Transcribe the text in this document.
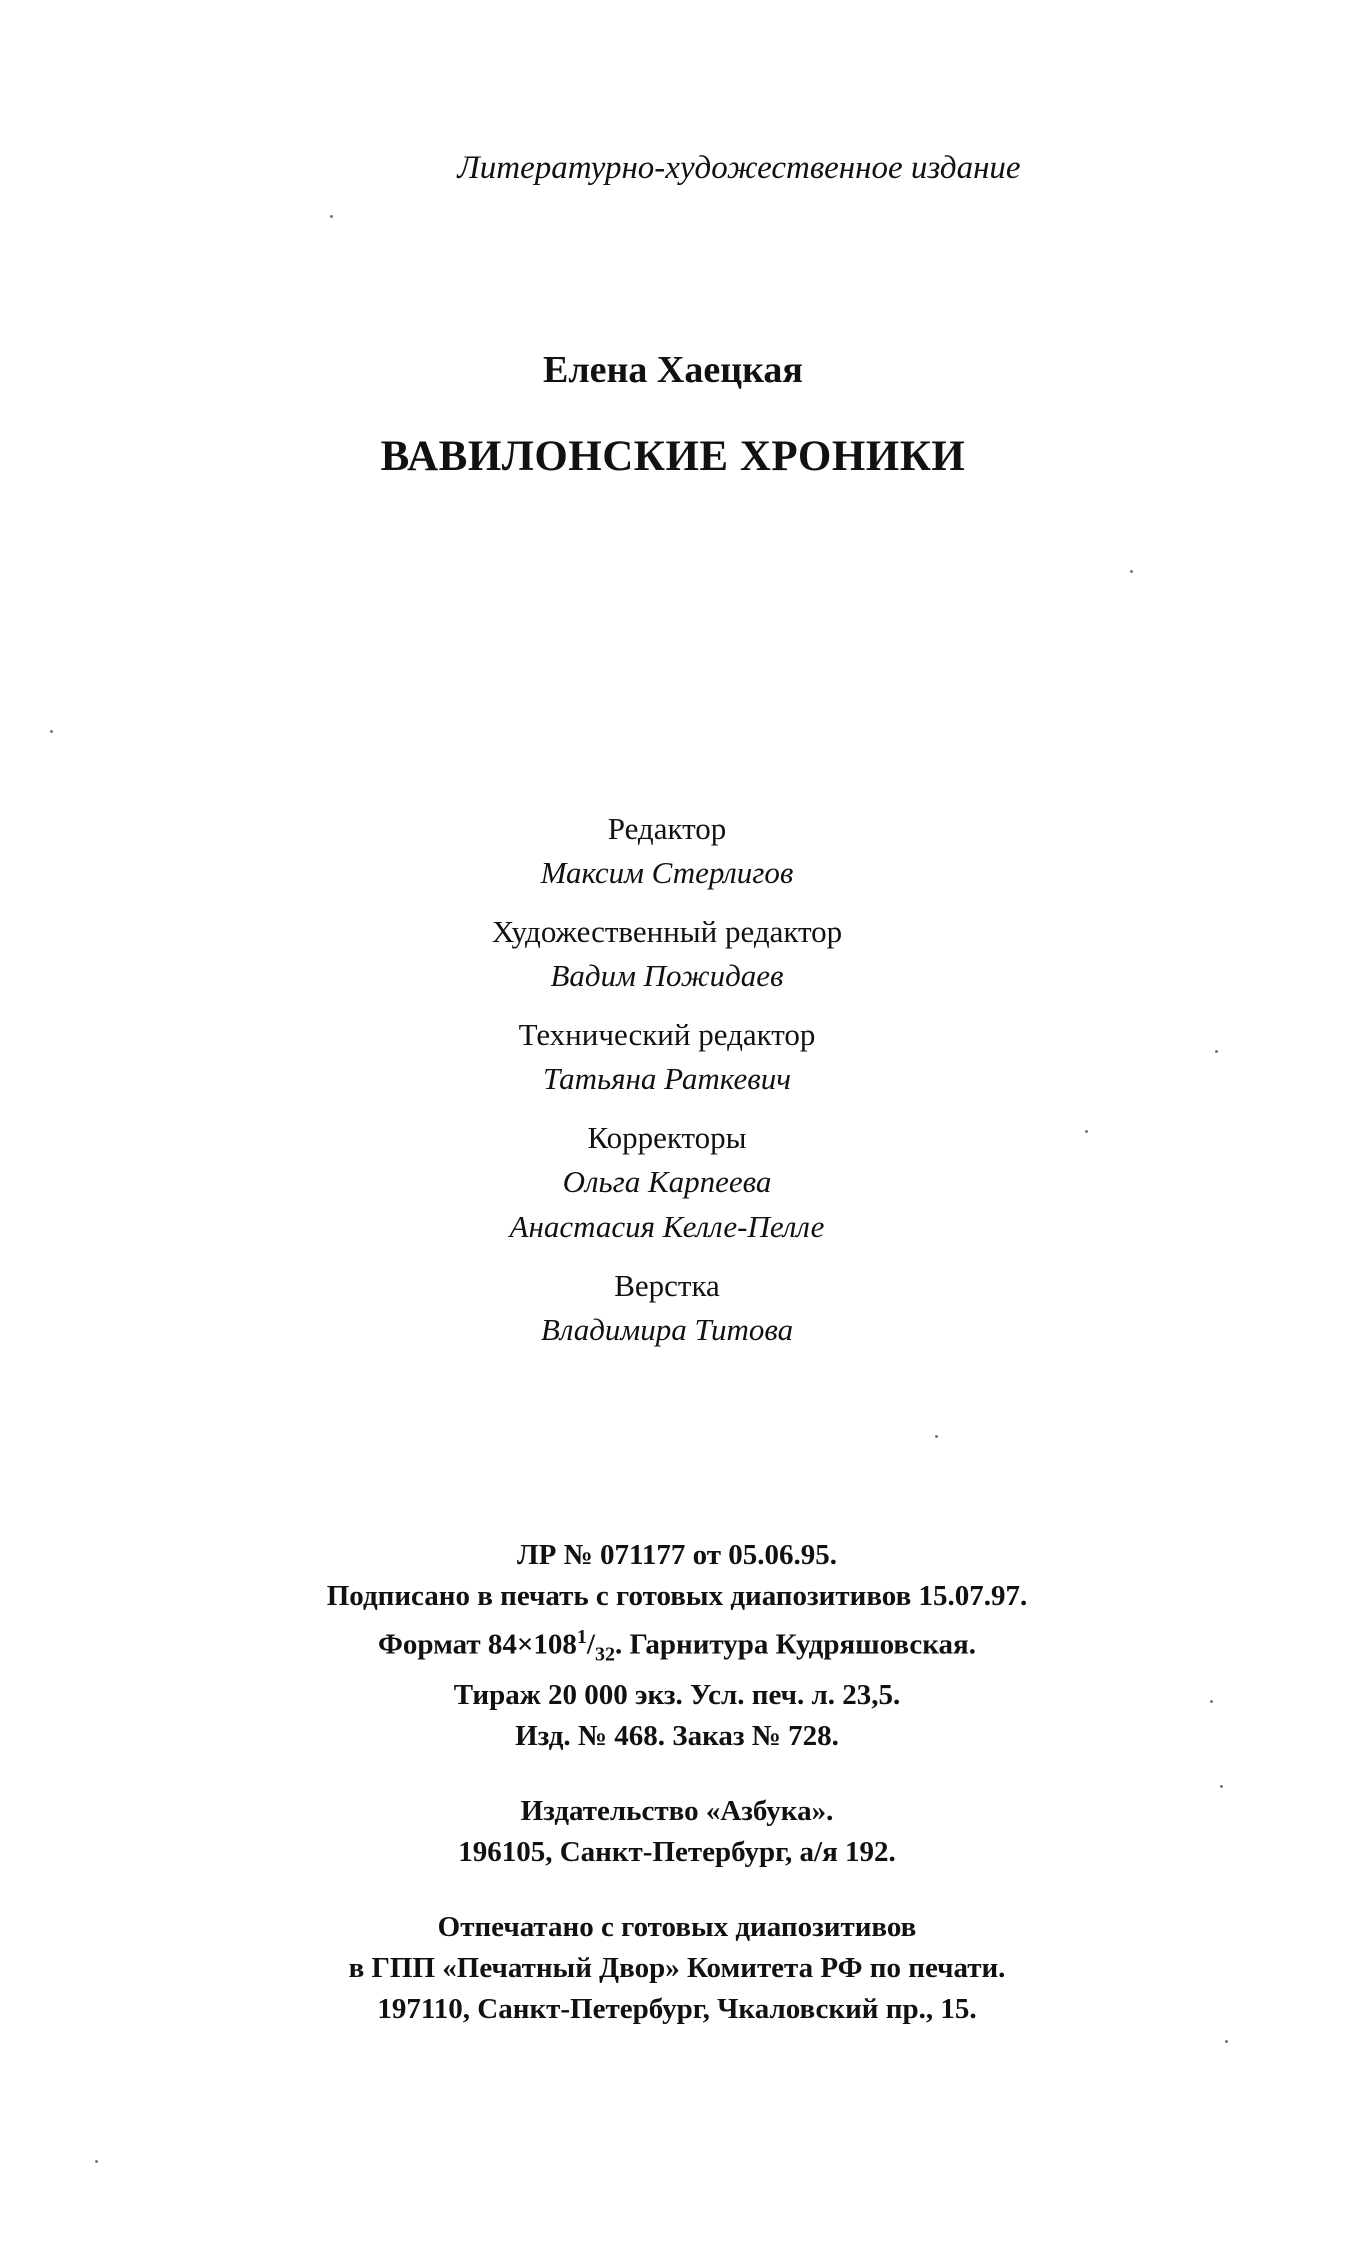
Литературно-художественное издание
Елена Хаецкая
ВАВИЛОНСКИЕ ХРОНИКИ
Редактор
Максим Стерлигов
Художественный редактор
Вадим Пожидаев
Технический редактор
Татьяна Раткевич
Корректоры
Ольга Карпеева
Анастасия Келле-Пелле
Верстка
Владимира Титова
ЛР № 071177 от 05.06.95.
Подписано в печать с готовых диапозитивов 15.07.97.
Формат $84\times 108^1/_{32}$. Гарнитура Кудряшовская.
Тираж 20 000 экз. Усл. печ. л. 23,5.
Изд. № 468. Заказ № 728.
Издательство «Азбука».
196105, Санкт-Петербург, а/я 192.
Отпечатано с готовых диапозитивов
в ГПП «Печатный Двор» Комитета РФ по печати.
197110, Санкт-Петербург, Чкаловский пр., 15.
